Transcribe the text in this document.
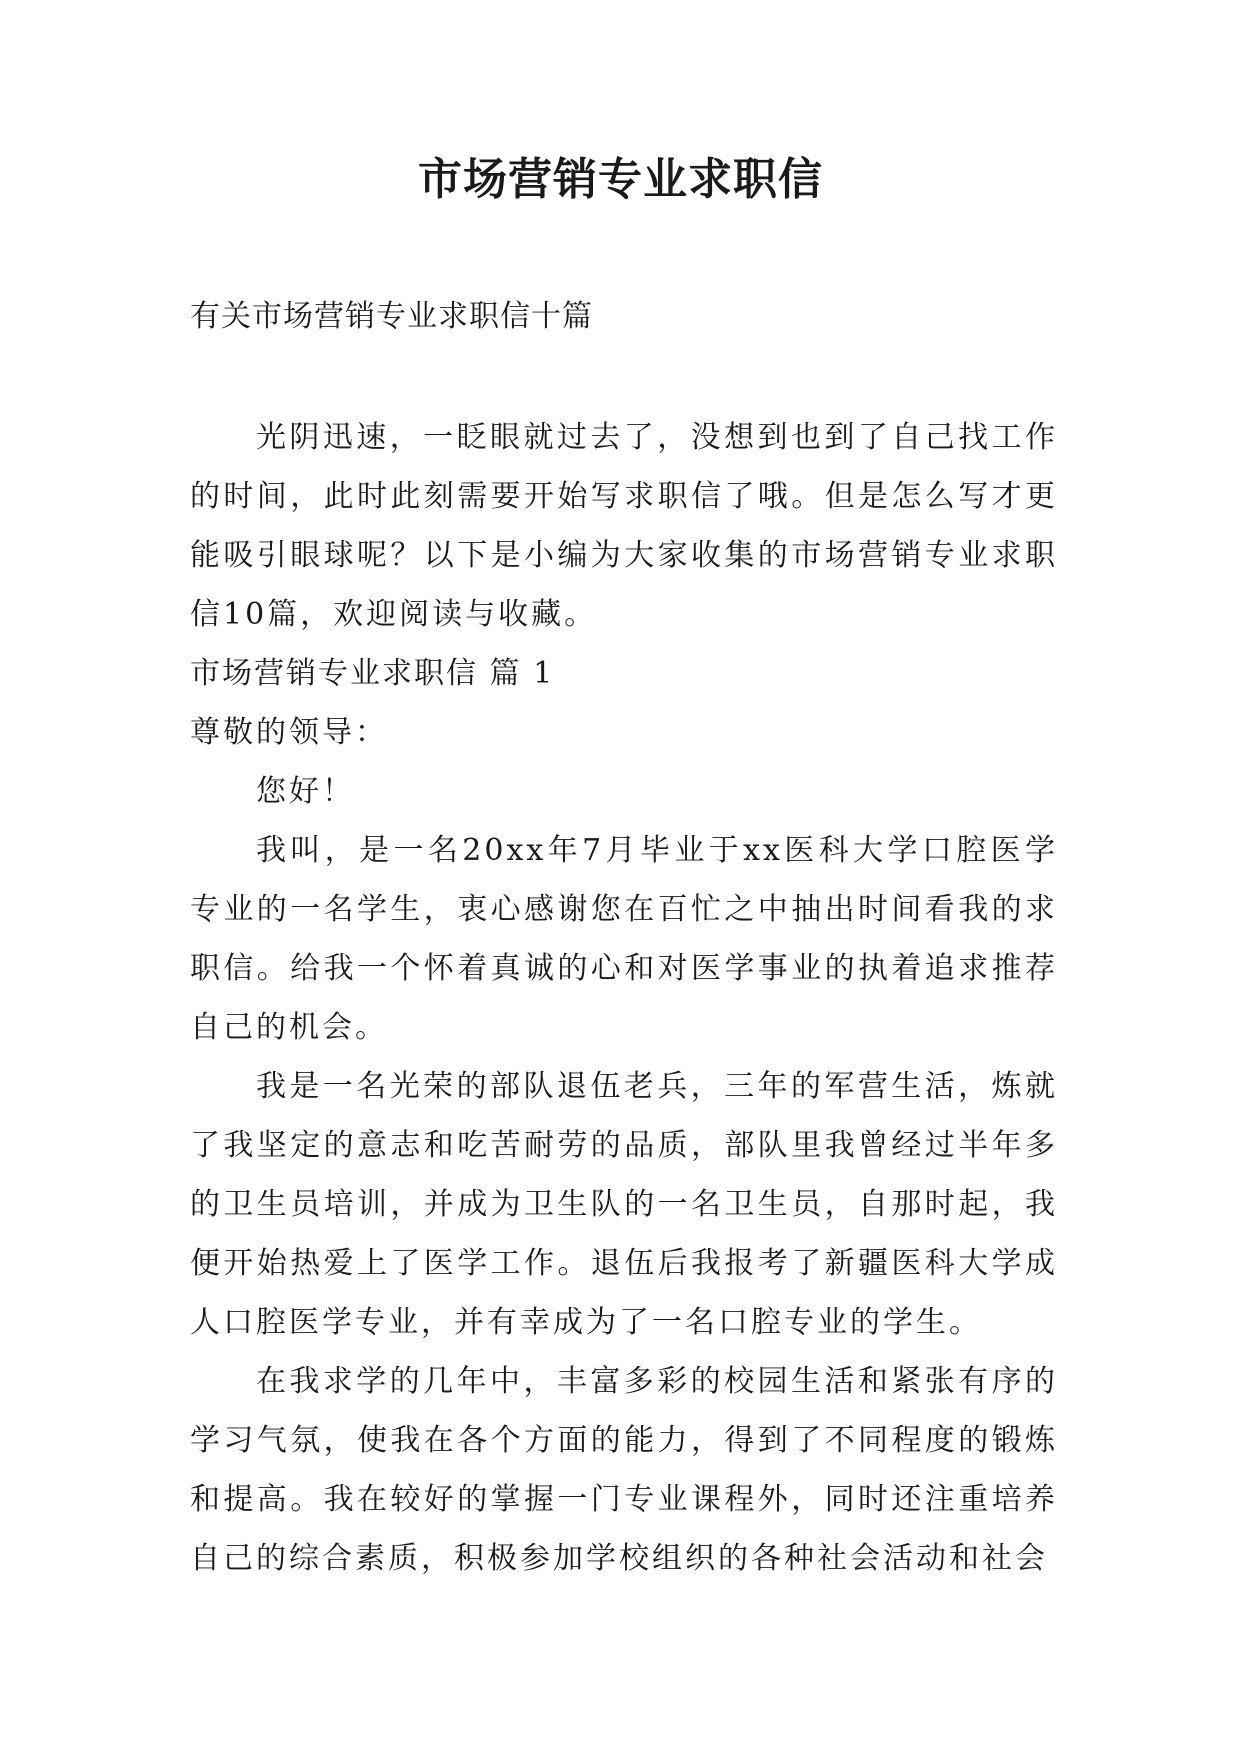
市场营销专业求职信

有关市场营销专业求职信十篇

光阴迅速，一眨眼就过去了，没想到也到了自己找工作的时间，此时此刻需要开始写求职信了哦。但是怎么写才更能吸引眼球呢？以下是小编为大家收集的市场营销专业求职信10篇，欢迎阅读与收藏。

市场营销专业求职信 篇 1

尊敬的领导：

您好！

我叫，是一名20xx年7月毕业于xx医科大学口腔医学专业的一名学生，衷心感谢您在百忙之中抽出时间看我的求职信。给我一个怀着真诚的心和对医学事业的执着追求推荐自己的机会。

我是一名光荣的部队退伍老兵，三年的军营生活，炼就了我坚定的意志和吃苦耐劳的品质，部队里我曾经过半年多的卫生员培训，并成为卫生队的一名卫生员，自那时起，我便开始热爱上了医学工作。退伍后我报考了新疆医科大学成人口腔医学专业，并有幸成为了一名口腔专业的学生。

在我求学的几年中，丰富多彩的校园生活和紧张有序的学习气氛，使我在各个方面的能力，得到了不同程度的锻炼和提高。我在较好的掌握一门专业课程外，同时还注重培养自己的综合素质，积极参加学校组织的各种社会活动和社会
